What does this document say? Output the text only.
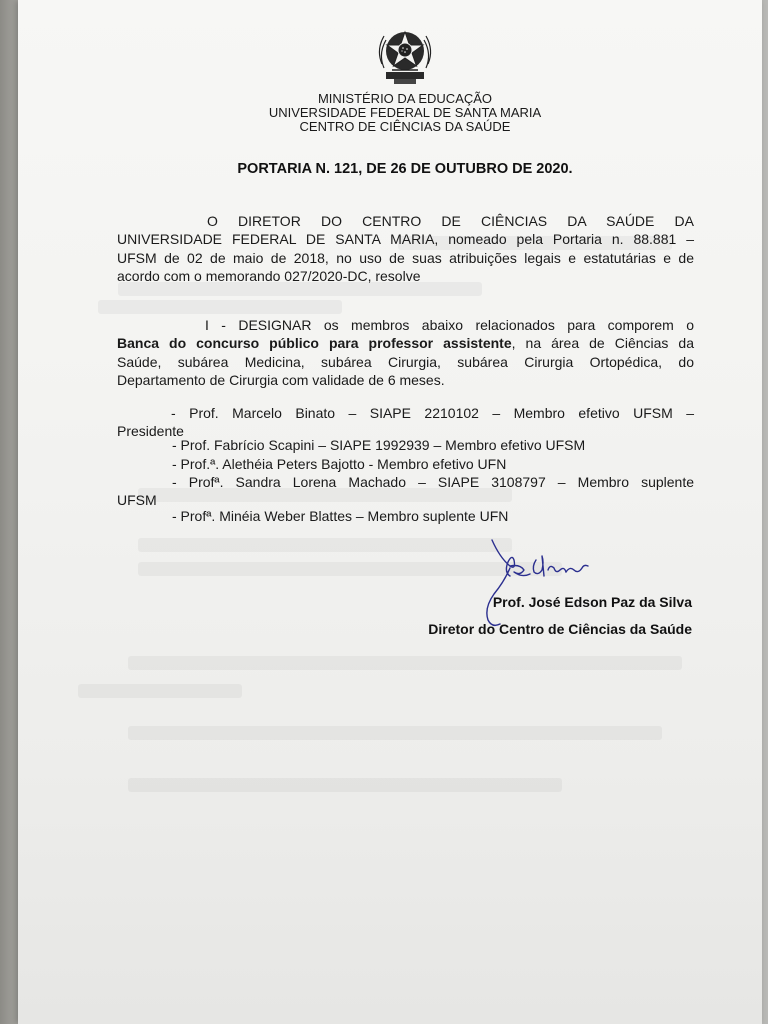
MINISTÉRIO DA EDUCAÇÃO
UNIVERSIDADE FEDERAL DE SANTA MARIA
CENTRO DE CIÊNCIAS DA SAÚDE
PORTARIA N. 121, DE 26 DE OUTUBRO DE 2020.
O DIRETOR DO CENTRO DE CIÊNCIAS DA SAÚDE DA
UNIVERSIDADE FEDERAL DE SANTA MARIA, nomeado pela Portaria n. 88.881 –
UFSM de 02 de maio de 2018, no uso de suas atribuições legais e estatutárias e de
acordo com o memorando 027/2020-DC, resolve
I - DESIGNAR os membros abaixo relacionados para comporem o
Banca do concurso público para professor assistente, na área de Ciências da
Saúde, subárea Medicina, subárea Cirurgia, subárea Cirurgia Ortopédica, do
Departamento de Cirurgia com validade de 6 meses.
- Prof. Marcelo Binato – SIAPE 2210102 – Membro efetivo UFSM –
Presidente
- Prof. Fabrício Scapini – SIAPE 1992939 – Membro efetivo UFSM
- Prof.ª. Alethéia Peters Bajotto - Membro efetivo UFN
- Profª. Sandra Lorena Machado – SIAPE 3108797 – Membro suplente
UFSM
- Profª. Minéia Weber Blattes – Membro suplente UFN
Prof. José Edson Paz da Silva
Diretor do Centro de Ciências da Saúde
